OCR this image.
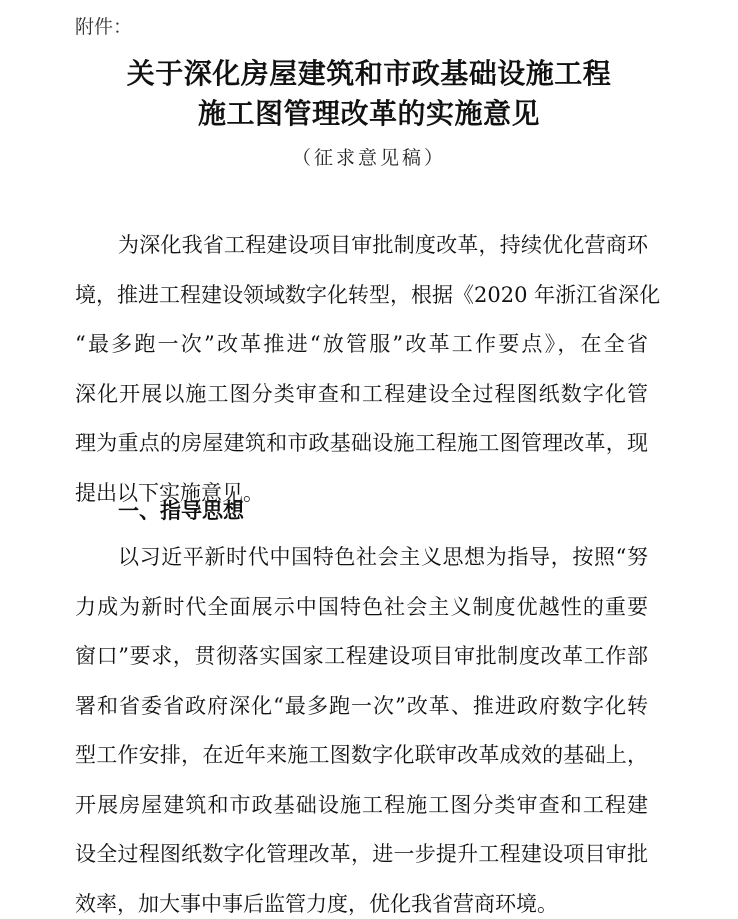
附件：
关于深化房屋建筑和市政基础设施工程
施工图管理改革的实施意见
（征求意见稿）
为深化我省工程建设项目审批制度改革，持续优化营商环
境，推进工程建设领域数字化转型，根据《2020 年浙江省深化
“最多跑一次”改革推进“放管服”改革工作要点》，在全省
深化开展以施工图分类审查和工程建设全过程图纸数字化管
理为重点的房屋建筑和市政基础设施工程施工图管理改革，现
提出以下实施意见。
一、指导思想
以习近平新时代中国特色社会主义思想为指导，按照“努
力成为新时代全面展示中国特色社会主义制度优越性的重要
窗口”要求，贯彻落实国家工程建设项目审批制度改革工作部
署和省委省政府深化“最多跑一次”改革、推进政府数字化转
型工作安排，在近年来施工图数字化联审改革成效的基础上，
开展房屋建筑和市政基础设施工程施工图分类审查和工程建
设全过程图纸数字化管理改革，进一步提升工程建设项目审批
效率，加大事中事后监管力度，优化我省营商环境。
